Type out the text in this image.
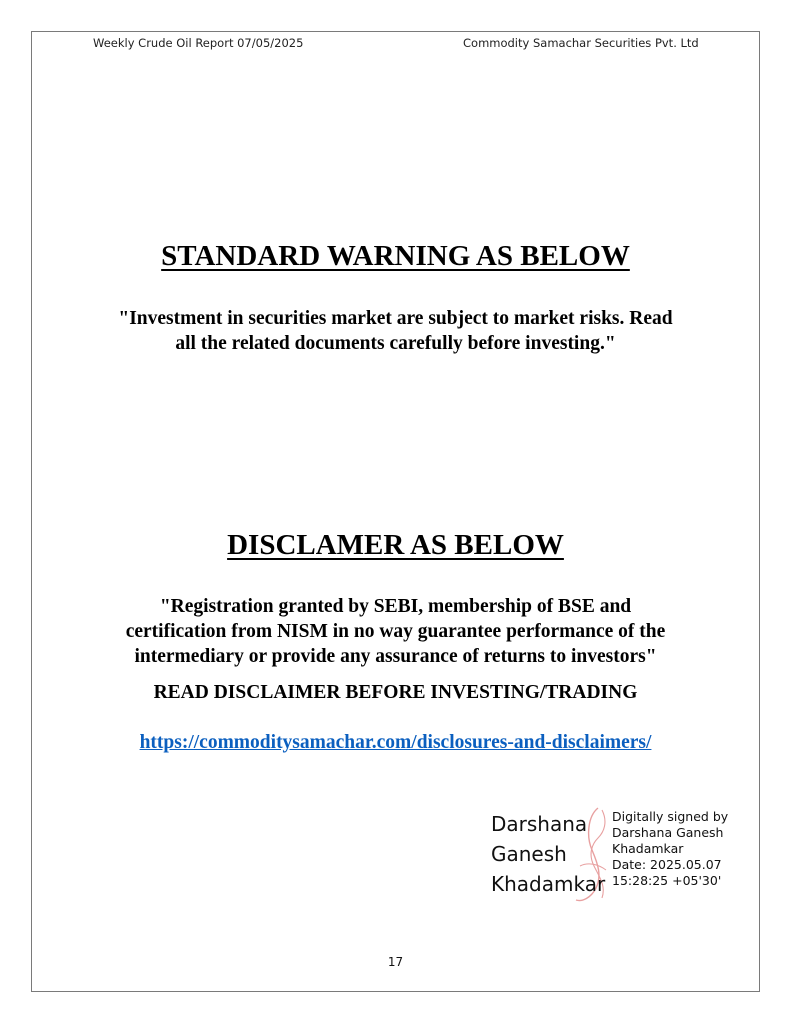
Weekly Crude Oil Report 07/05/2025	Commodity Samachar Securities Pvt. Ltd
STANDARD WARNING AS BELOW
"Investment in securities market are subject to market risks. Read
all the related documents carefully before investing."
DISCLAMER AS BELOW
"Registration granted by SEBI, membership of BSE and
certification from NISM in no way guarantee performance of the
intermediary or provide any assurance of returns to investors"
READ DISCLAIMER BEFORE INVESTING/TRADING
https://commoditysamachar.com/disclosures-and-disclaimers/
Darshana
Ganesh
Khadamkar
Digitally signed by
Darshana Ganesh
Khadamkar
Date: 2025.05.07
15:28:25 +05'30'
17
